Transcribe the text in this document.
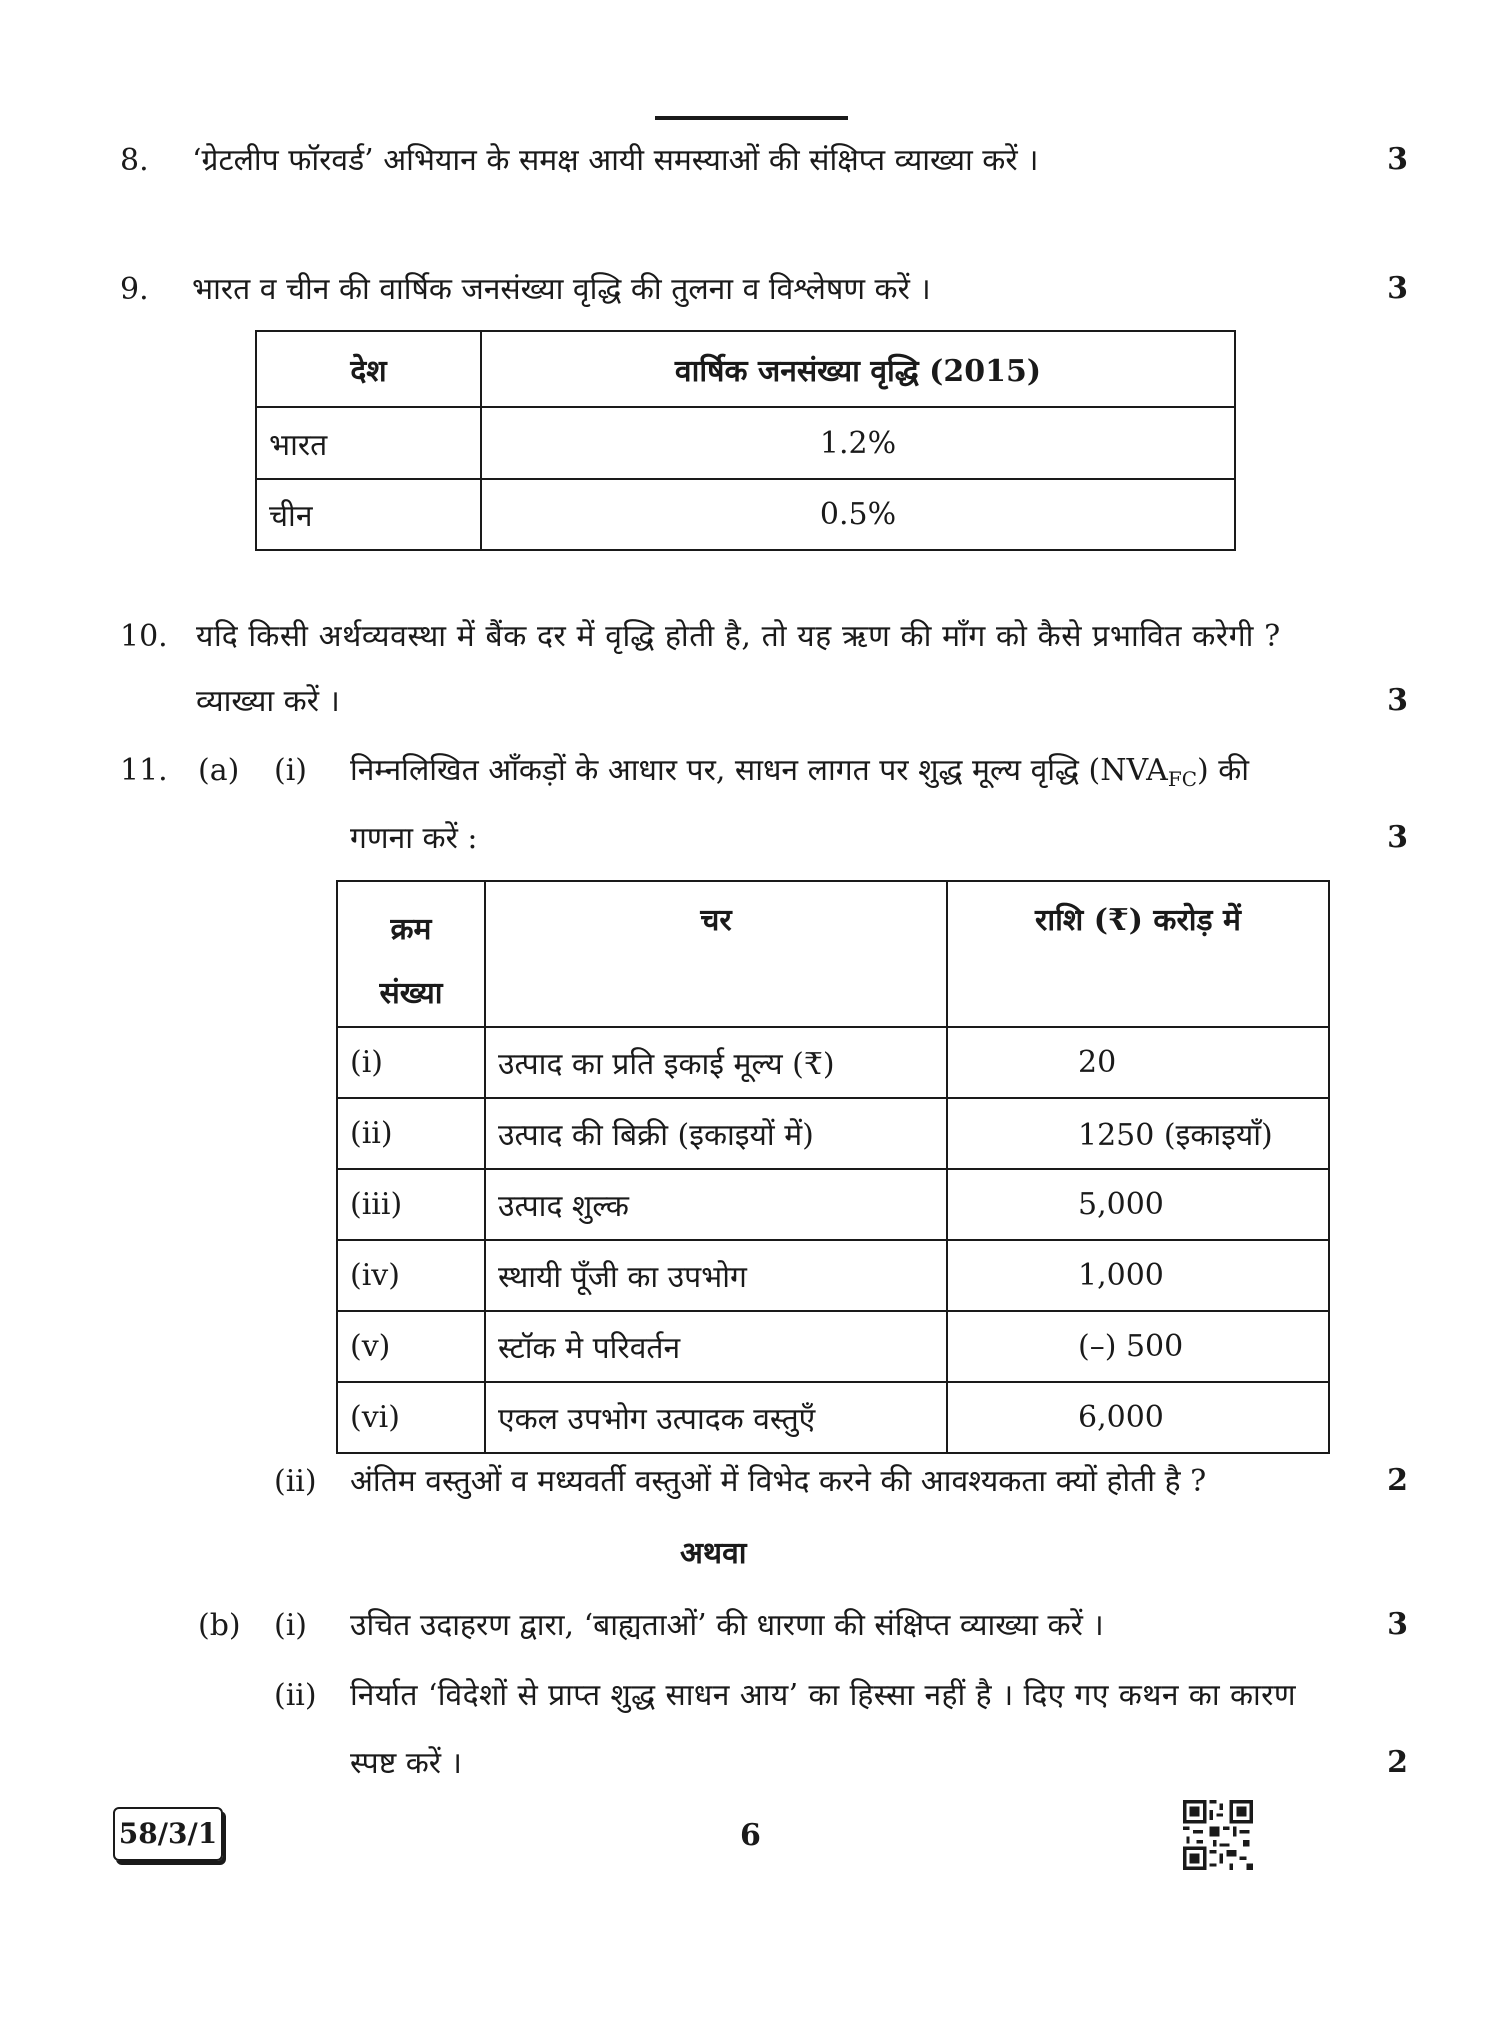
8. ‘ग्रेटलीप फॉरवर्ड’ अभियान के समक्ष आयी समस्याओं की संक्षिप्त व्याख्या करें ।	3
9. भारत व चीन की वार्षिक जनसंख्या वृद्धि की तुलना व विश्लेषण करें ।	3
देश	वार्षिक जनसंख्या वृद्धि (2015)
भारत	1.2%
चीन	0.5%
10. यदि किसी अर्थव्यवस्था में बैंक दर में वृद्धि होती है, तो यह ऋण की माँग को कैसे प्रभावित करेगी ?
व्याख्या करें ।	3
11. (a) (i) निम्नलिखित आँकड़ों के आधार पर, साधन लागत पर शुद्ध मूल्य वृद्धि $(NVA_{FC})$ की
गणना करें :	3
क्रम
संख्या	चर	राशि (₹) करोड़ में
(i)	उत्पाद का प्रति इकाई मूल्य (₹)	20
(ii)	उत्पाद की बिक्री (इकाइयों में)	1250 (इकाइयाँ)
(iii)	उत्पाद शुल्क	5,000
(iv)	स्थायी पूँजी का उपभोग	1,000
(v)	स्टॉक मे परिवर्तन	(–) 500
(vi)	एकल उपभोग उत्पादक वस्तुएँ	6,000
(ii) अंतिम वस्तुओं व मध्यवर्ती वस्तुओं में विभेद करने की आवश्यकता क्यों होती है ?	2
अथवा
(b) (i) उचित उदाहरण द्वारा, ‘बाह्यताओं’ की धारणा की संक्षिप्त व्याख्या करें ।	3
(ii) निर्यात ‘विदेशों से प्राप्त शुद्ध साधन आय’ का हिस्सा नहीं है । दिए गए कथन का कारण
स्पष्ट करें ।	2
58/3/1	6
